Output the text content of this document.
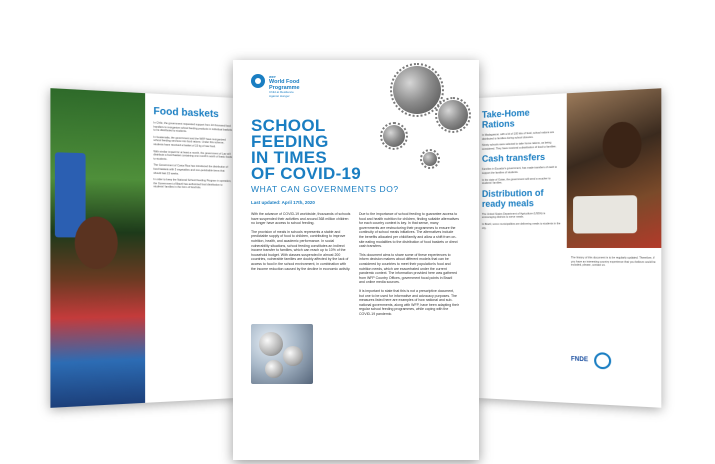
Food baskets

In Chile, the government requested support from 10 thousand food handlers to reorganize school feeding products in individual baskets to be distributed to students.

In Guatemala, the government and the WFP have reorganized school feeding services into food rations. Under this scheme, students have received a basket of 15 kg of raw food.

With similar impact for at least a month, the government of Lao will distribute a food basket containing one month's worth of basic foods to students.

The Government of Costa Rica has introduced the distribution of food baskets with 5 vegetables and non-perishable items that should last 15 weeks.

In order to keep the National School Feeding Program in operation, the Government of Brazil has authorized food distribution to students' families in the form of food kits.

Take-Home Rations

In Madagascar, with a kit of 100 kits of food, school rations are distributed to families during school closures.

Ninety schools were selected to take home rations, as being considered. They have received a distribution of food to families.

Cash transfers

Families in Ecuador's government, has made transfers of cash to support the families of students.

In the state of Goias, the government will send a voucher to students' families.

Distribution of ready meals

The United States Department of Agriculture (USDA) is encouraging districts to serve meals.

In Brazil, some municipalities are delivering meals to students in the city.

The history of this document is to be regularly updated. Therefore, if you have an interesting country experience that you believe could be included, please, contact us.

FNDE
WFP
World Food
Programme
Child at Resilience
Against Hunger
SCHOOL
FEEDING
IN TIMES
OF COVID-19

WHAT CAN GOVERNMENTS DO?

Last updated: April 17th, 2020

With the advance of COVID-19 worldwide, thousands of schools have suspended their activities and around 368 million children no longer have access to school feeding.

The provision of meals in schools represents a stable and predictable supply of food to children, contributing to improve nutrition, health, and academic performance. In social vulnerability situations, school feeding constitutes an indirect income transfer to families, which can reach up to 10% of the household budget. With classes suspended in almost 200 countries, vulnerable families are doubly affected by the lack of access to food in the school environment, in combination with the income reduction caused by the decline in economic activity.

Due to the importance of school feeding to guarantee access to food and health nutrition for children, finding suitable alternatives for each country context is key. In that sense, many governments are restructuring their programmes to ensure the continuity of school meals initiatives. The alternatives include the benefits allocated per child/family and allow a shift from on-site eating modalities to the distribution of food baskets or direct cash transfers.

This document aims to share some of these experiences to inform decision makers about different models that can be considered by countries to meet their population's food and nutrition needs, which are exacerbated under the current pandemic context. The information provided here was gathered from WFP Country Offices, government focal points in Brazil and online media sources.

It is important to state that this is not a prescriptive document, but one to be used for informative and advocacy purposes. The measures listed here are examples of how national and sub-national governments, along with WFP, have been adapting their regular school feeding programmes, while coping with the COVID-19 pandemic.
